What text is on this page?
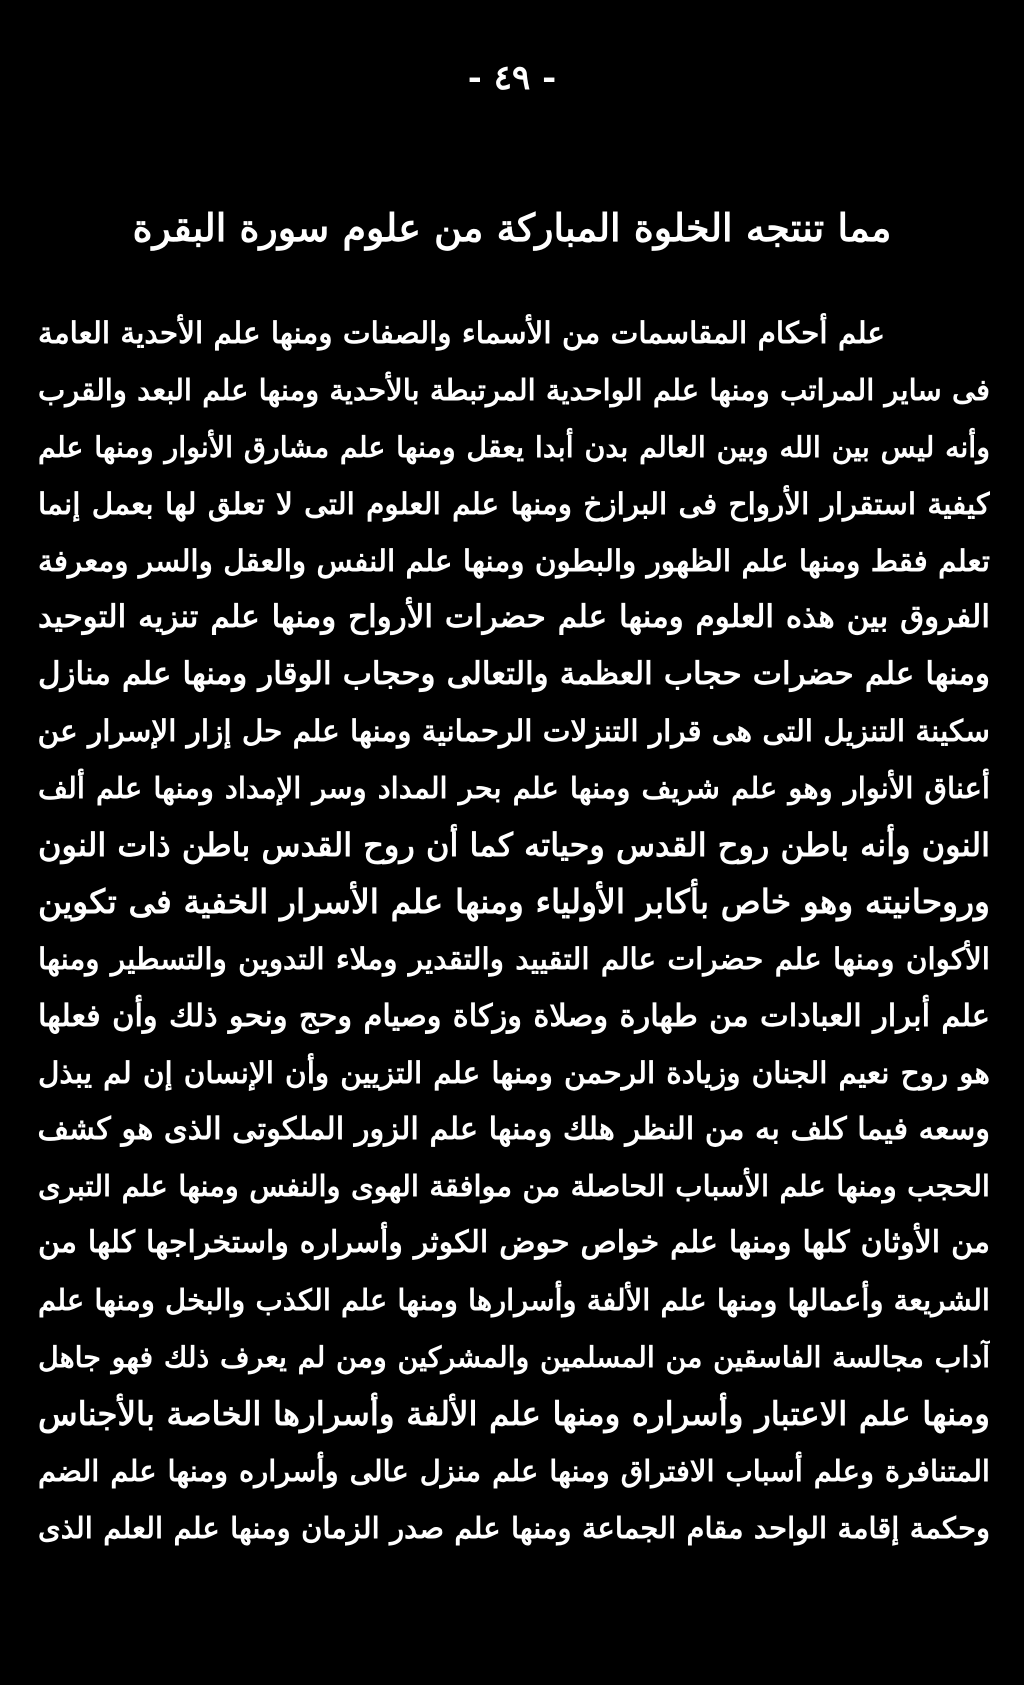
- ٤٩ -
مما تنتجه الخلوة المباركة من علوم سورة البقرة
علم أحكام المقاسمات من الأسماء والصفات ومنها علم الأحدية العامة
فى ساير المراتب ومنها علم الواحدية المرتبطة بالأحدية ومنها علم البعد والقرب
وأنه ليس بين الله وبين العالم بدن أبدا يعقل ومنها علم مشارق الأنوار ومنها علم
كيفية استقرار الأرواح فى البرازخ ومنها علم العلوم التى لا تعلق لها بعمل إنما
تعلم فقط ومنها علم الظهور والبطون ومنها علم النفس والعقل والسر ومعرفة
الفروق بين هذه العلوم ومنها علم حضرات الأرواح ومنها علم تنزيه التوحيد
ومنها علم حضرات حجاب العظمة والتعالى وحجاب الوقار ومنها علم منازل
سكينة التنزيل التى هى قرار التنزلات الرحمانية ومنها علم حل إزار الإسرار عن
أعناق الأنوار وهو علم شريف ومنها علم بحر المداد وسر الإمداد ومنها علم ألف
النون وأنه باطن روح القدس وحياته كما أن روح القدس باطن ذات النون
وروحانيته وهو خاص بأكابر الأولياء ومنها علم الأسرار الخفية فى تكوين
الأكوان ومنها علم حضرات عالم التقييد والتقدير وملاء التدوين والتسطير ومنها
علم أبرار العبادات من طهارة وصلاة وزكاة وصيام وحج ونحو ذلك وأن فعلها
هو روح نعيم الجنان وزيادة الرحمن ومنها علم التزيين وأن الإنسان إن لم يبذل
وسعه فيما كلف به من النظر هلك ومنها علم الزور الملكوتى الذى هو كشف
الحجب ومنها علم الأسباب الحاصلة من موافقة الهوى والنفس ومنها علم التبرى
من الأوثان كلها ومنها علم خواص حوض الكوثر وأسراره واستخراجها كلها من
الشريعة وأعمالها ومنها علم الألفة وأسرارها ومنها علم الكذب والبخل ومنها علم
آداب مجالسة الفاسقين من المسلمين والمشركين ومن لم يعرف ذلك فهو جاهل
ومنها علم الاعتبار وأسراره ومنها علم الألفة وأسرارها الخاصة بالأجناس
المتنافرة وعلم أسباب الافتراق ومنها علم منزل عالى وأسراره ومنها علم الضم
وحكمة إقامة الواحد مقام الجماعة ومنها علم صدر الزمان ومنها علم العلم الذى
